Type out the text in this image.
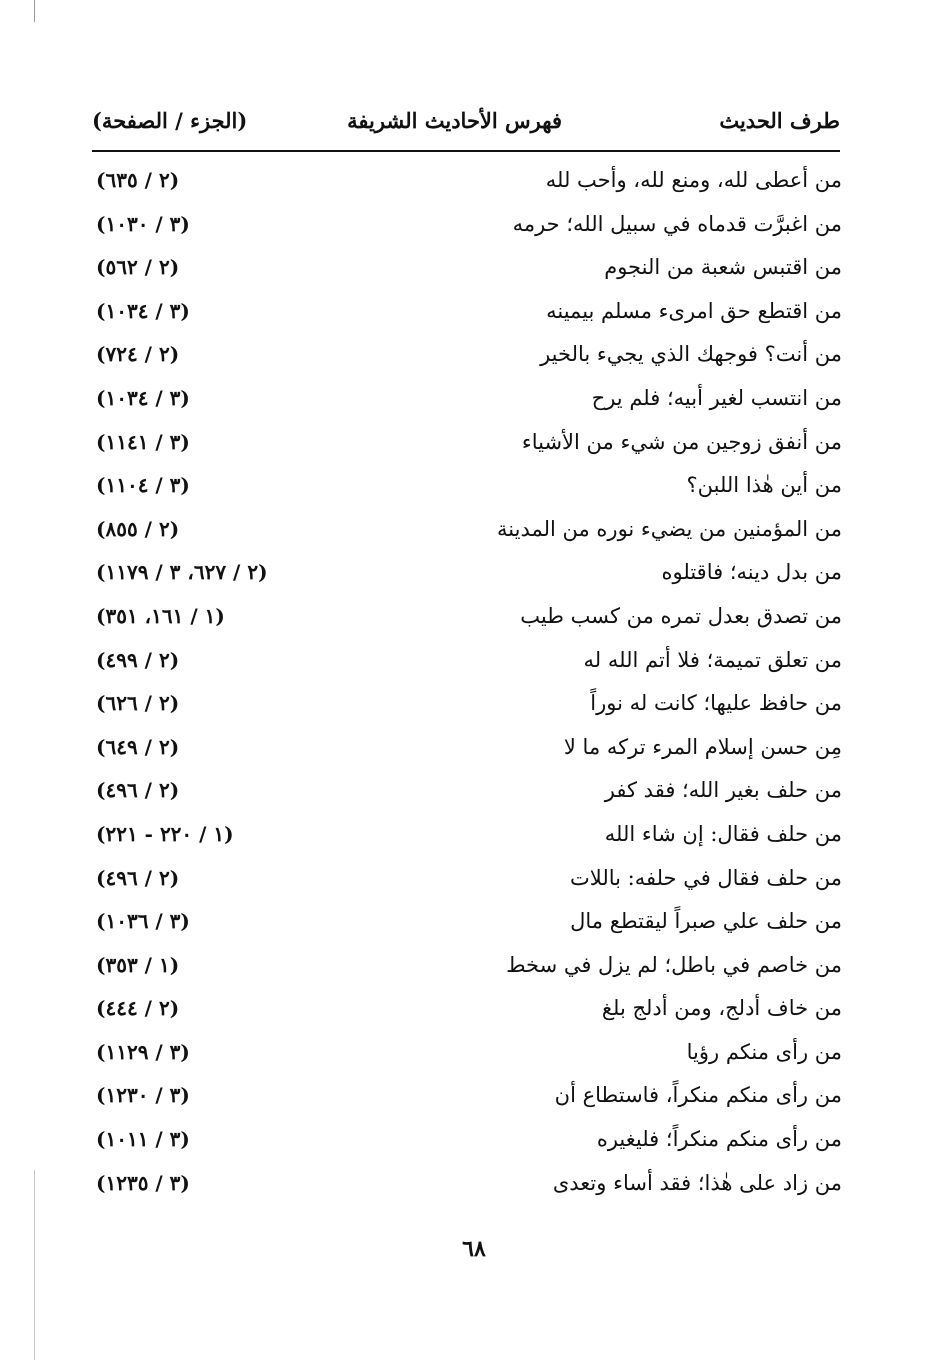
طرف الحديث
فهرس الأحاديث الشريفة
(الجزء / الصفحة)
من أعطى لله، ومنع لله، وأحب لله
(٢ / ٦٣٥)
من اغبرَّت قدماه في سبيل الله؛ حرمه
(٣ / ١٠٣٠)
من اقتبس شعبة من النجوم
(٢ / ٥٦٢)
من اقتطع حق امرىء مسلم بيمينه
(٣ / ١٠٣٤)
من أنت؟ فوجهك الذي يجيء بالخير
(٢ / ٧٢٤)
من انتسب لغير أبيه؛ فلم يرح
(٣ / ١٠٣٤)
من أنفق زوجين من شيء من الأشياء
(٣ / ١١٤١)
من أين هٰذا اللبن؟
(٣ / ١١٠٤)
من المؤمنين من يضيء نوره من المدينة
(٢ / ٨٥٥)
من بدل دينه؛ فاقتلوه
(٢ / ٦٢٧، ٣ / ١١٧٩)
من تصدق بعدل تمره من كسب طيب
(١ / ١٦١، ٣٥١)
من تعلق تميمة؛ فلا أتم الله له
(٢ / ٤٩٩)
من حافظ عليها؛ كانت له نوراً
(٢ / ٦٢٦)
مِن حسن إسلام المرء تركه ما لا
(٢ / ٦٤٩)
من حلف بغير الله؛ فقد كفر
(٢ / ٤٩٦)
من حلف فقال: إن شاء الله
(١ / ٢٢٠ - ٢٢١)
من حلف فقال في حلفه: باللات
(٢ / ٤٩٦)
من حلف علي صبراً ليقتطع مال
(٣ / ١٠٣٦)
من خاصم في باطل؛ لم يزل في سخط
(١ / ٣٥٣)
من خاف أدلج، ومن أدلج بلغ
(٢ / ٤٤٤)
من رأى منكم رؤيا
(٣ / ١١٢٩)
من رأى منكم منكراً، فاستطاع أن
(٣ / ١٢٣٠)
من رأى منكم منكراً؛ فليغيره
(٣ / ١٠١١)
من زاد على هٰذا؛ فقد أساء وتعدى
(٣ / ١٢٣٥)
٦٨
